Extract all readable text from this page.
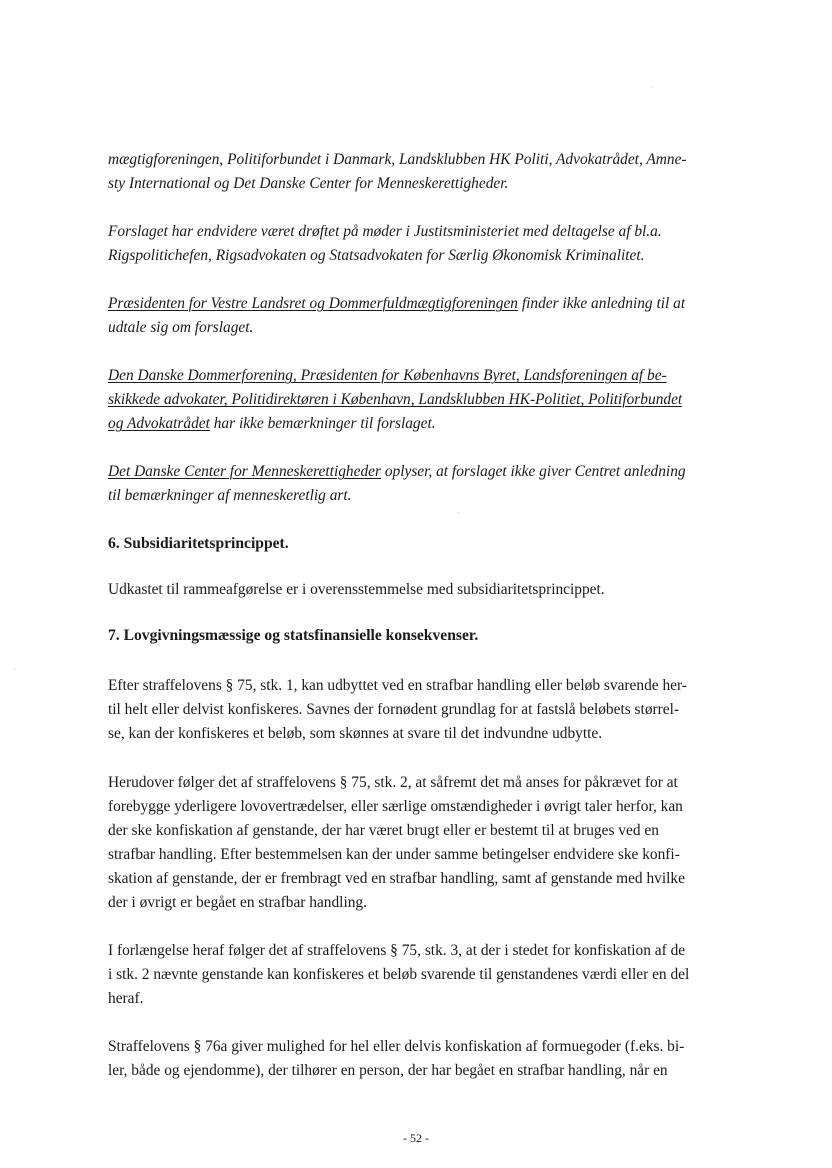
mægtigforeningen, Politiforbundet i Danmark, Landsklubben HK Politi, Advokatrådet, Amne-
sty International og Det Danske Center for Menneskerettigheder.
Forslaget har endvidere været drøftet på møder i Justitsministeriet med deltagelse af bl.a.
Rigspolitichefen, Rigsadvokaten og Statsadvokaten for Særlig Økonomisk Kriminalitet.
Præsidenten for Vestre Landsret og Dommerfuldmægtigforeningen finder ikke anledning til at
udtale sig om forslaget.
Den Danske Dommerforening, Præsidenten for Københavns Byret, Landsforeningen af be-
skikkede advokater, Politidirektøren i København, Landsklubben HK-Politiet, Politiforbundet
og Advokatrådet har ikke bemærkninger til forslaget.
Det Danske Center for Menneskerettigheder oplyser, at forslaget ikke giver Centret anledning
til bemærkninger af menneskeretlig art.
6. Subsidiaritetsprincippet.
Udkastet til rammeafgørelse er i overensstemmelse med subsidiaritetsprincippet.
7. Lovgivningsmæssige og statsfinansielle konsekvenser.
Efter straffelovens § 75, stk. 1, kan udbyttet ved en strafbar handling eller beløb svarende her-
til helt eller delvist konfiskeres. Savnes der fornødent grundlag for at fastslå beløbets størrel-
se, kan der konfiskeres et beløb, som skønnes at svare til det indvundne udbytte.
Herudover følger det af straffelovens § 75, stk. 2, at såfremt det må anses for påkrævet for at
forebygge yderligere lovovertrædelser, eller særlige omstændigheder i øvrigt taler herfor, kan
der ske konfiskation af genstande, der har været brugt eller er bestemt til at bruges ved en
strafbar handling. Efter bestemmelsen kan der under samme betingelser endvidere ske konfi-
skation af genstande, der er frembragt ved en strafbar handling, samt af genstande med hvilke
der i øvrigt er begået en strafbar handling.
I forlængelse heraf følger det af straffelovens § 75, stk. 3, at der i stedet for konfiskation af de
i stk. 2 nævnte genstande kan konfiskeres et beløb svarende til genstandenes værdi eller en del
heraf.
Straffelovens § 76a giver mulighed for hel eller delvis konfiskation af formuegoder (f.eks. bi-
ler, både og ejendomme), der tilhører en person, der har begået en strafbar handling, når en
- 52 -
